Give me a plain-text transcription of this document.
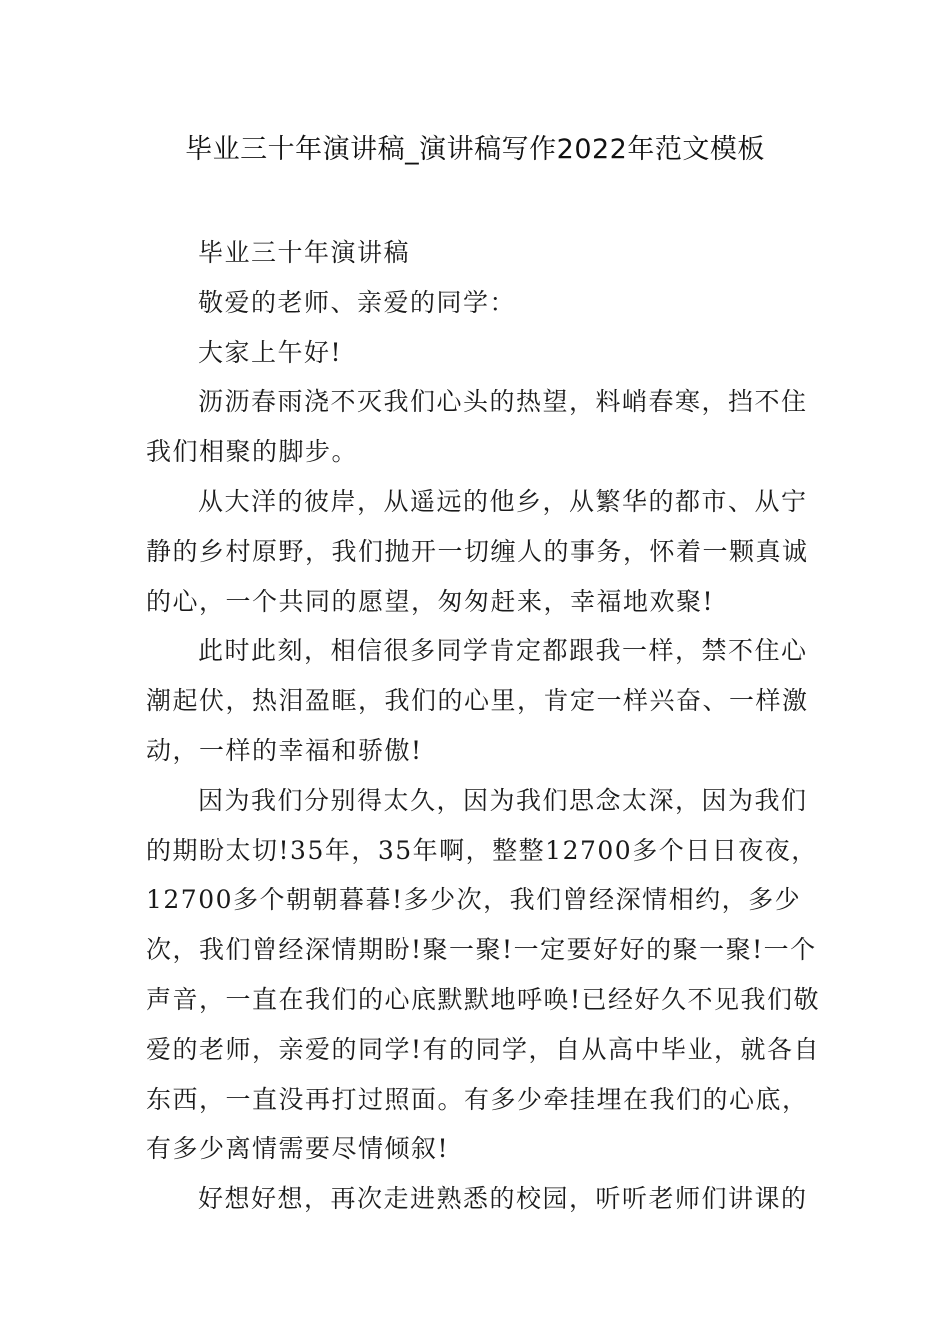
毕业三十年演讲稿_演讲稿写作2022年范文模板

毕业三十年演讲稿

敬爱的老师、亲爱的同学：

大家上午好!

沥沥春雨浇不灭我们心头的热望，料峭春寒，挡不住我们相聚的脚步。

从大洋的彼岸，从遥远的他乡，从繁华的都市、从宁静的乡村原野，我们抛开一切缠人的事务，怀着一颗真诚的心，一个共同的愿望，匆匆赶来，幸福地欢聚!

此时此刻，相信很多同学肯定都跟我一样，禁不住心潮起伏，热泪盈眶，我们的心里，肯定一样兴奋、一样激动，一样的幸福和骄傲!

因为我们分别得太久，因为我们思念太深，因为我们的期盼太切!35年，35年啊，整整12700多个日日夜夜，12700多个朝朝暮暮!多少次，我们曾经深情相约，多少次，我们曾经深情期盼!聚一聚!一定要好好的聚一聚!一个声音，一直在我们的心底默默地呼唤!已经好久不见我们敬爱的老师，亲爱的同学!有的同学，自从高中毕业，就各自东西，一直没再打过照面。有多少牵挂埋在我们的心底，有多少离情需要尽情倾叙!

好想好想，再次走进熟悉的校园，听听老师们讲课的
